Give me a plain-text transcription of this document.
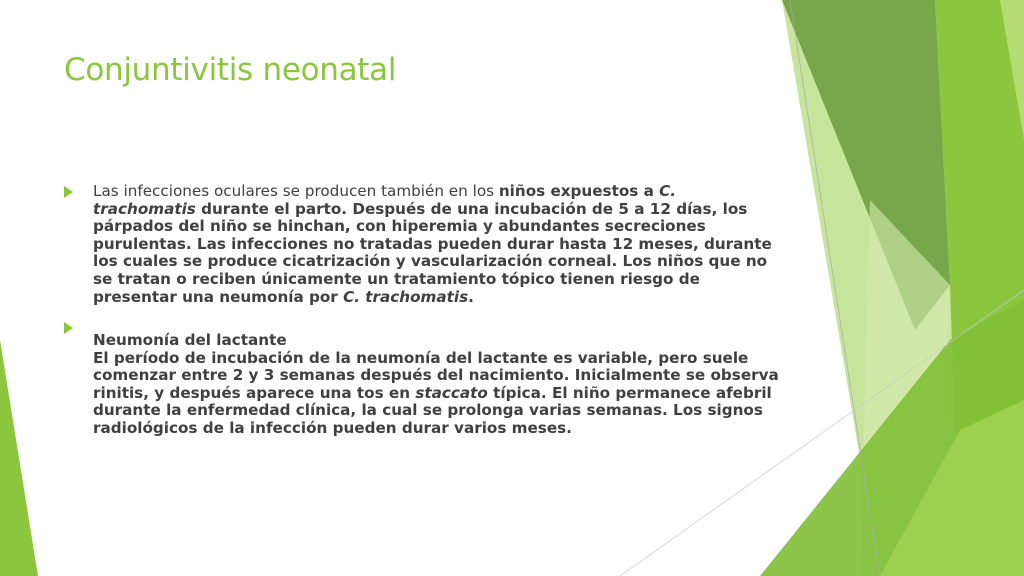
Conjuntivitis neonatal
Las infecciones oculares se producen también en los niños expuestos a C. trachomatis durante el parto. Después de una incubación de 5 a 12 días, los párpados del niño se hinchan, con hiperemia y abundantes secreciones purulentas. Las infecciones no tratadas pueden durar hasta 12 meses, durante los cuales se produce cicatrización y vascularización corneal. Los niños que no se tratan o reciben únicamente un tratamiento tópico tienen riesgo de presentar una neumonía por C. trachomatis.
Neumonía del lactante
El período de incubación de la neumonía del lactante es variable, pero suele comenzar entre 2 y 3 semanas después del nacimiento. Inicialmente se observa rinitis, y después aparece una tos en staccato típica. El niño permanece afebril durante la enfermedad clínica, la cual se prolonga varias semanas. Los signos radiológicos de la infección pueden durar varios meses.
